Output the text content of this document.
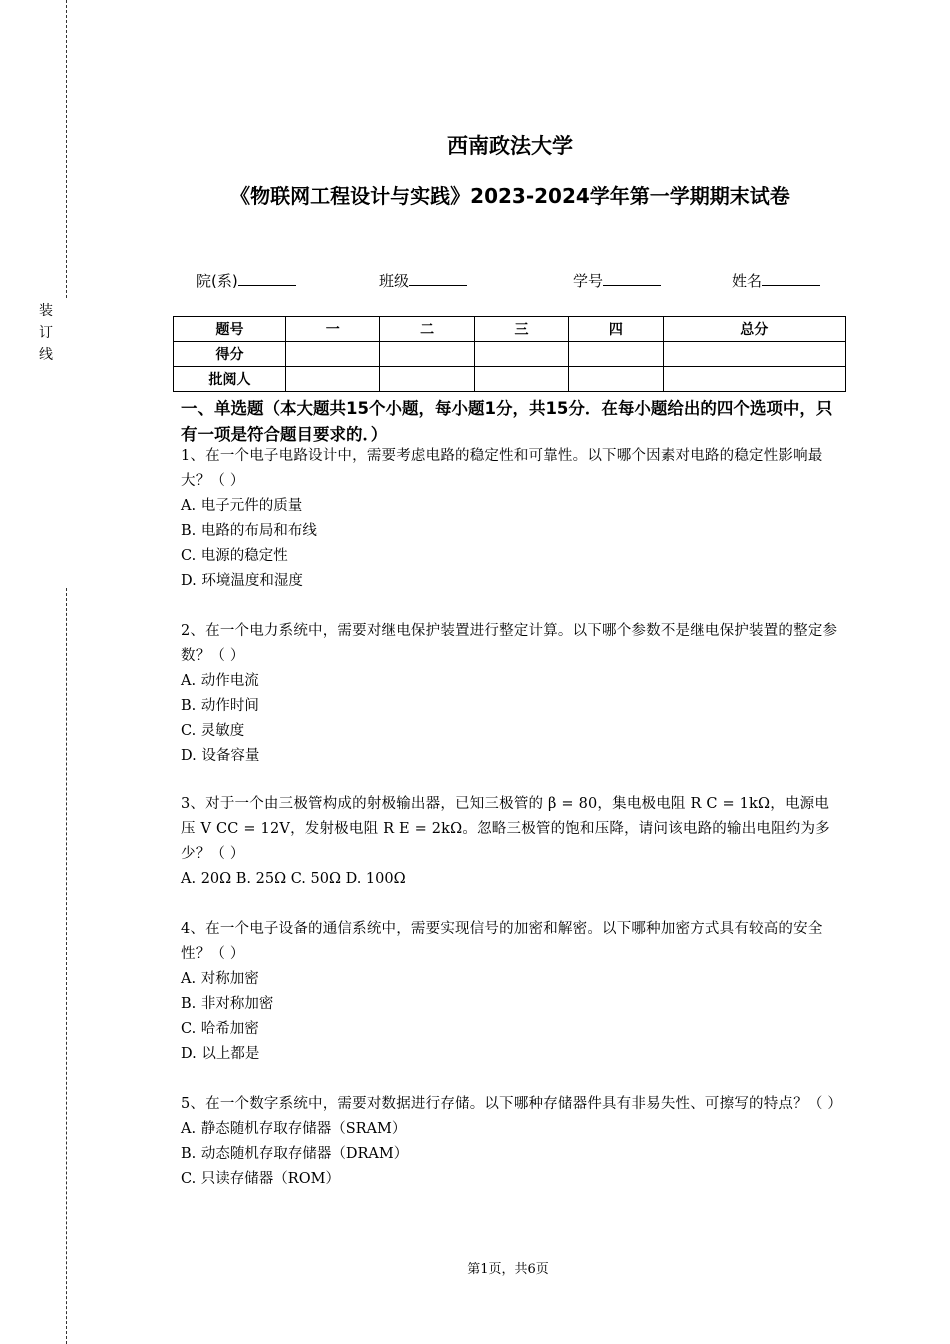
装
订
线
西南政法大学
《物联网工程设计与实践》2023-2024学年第一学期期末试卷
院(系)	班级	学号	姓名
题号	一	二	三	四	总分
得分					
批阅人					
一、单选题（本大题共15个小题，每小题1分，共15分．在每小题给出的四个选项中，只有一项是符合题目要求的．）
1、在一个电子电路设计中，需要考虑电路的稳定性和可靠性。以下哪个因素对电路的稳定性影响最大？（ ）
A. 电子元件的质量
B. 电路的布局和布线
C. 电源的稳定性
D. 环境温度和湿度
2、在一个电力系统中，需要对继电保护装置进行整定计算。以下哪个参数不是继电保护装置的整定参数？（ ）
A. 动作电流
B. 动作时间
C. 灵敏度
D. 设备容量
3、对于一个由三极管构成的射极输出器，已知三极管的 β = 80，集电极电阻 R C = 1kΩ，电源电压 V CC = 12V，发射极电阻 R E = 2kΩ。忽略三极管的饱和压降，请问该电路的输出电阻约为多少？（ ）
A. 20Ω B. 25Ω C. 50Ω D. 100Ω
4、在一个电子设备的通信系统中，需要实现信号的加密和解密。以下哪种加密方式具有较高的安全性？（ ）
A. 对称加密
B. 非对称加密
C. 哈希加密
D. 以上都是
5、在一个数字系统中，需要对数据进行存储。以下哪种存储器件具有非易失性、可擦写的特点？（ ）
A. 静态随机存取存储器（SRAM）
B. 动态随机存取存储器（DRAM）
C. 只读存储器（ROM）
第1页，共6页
